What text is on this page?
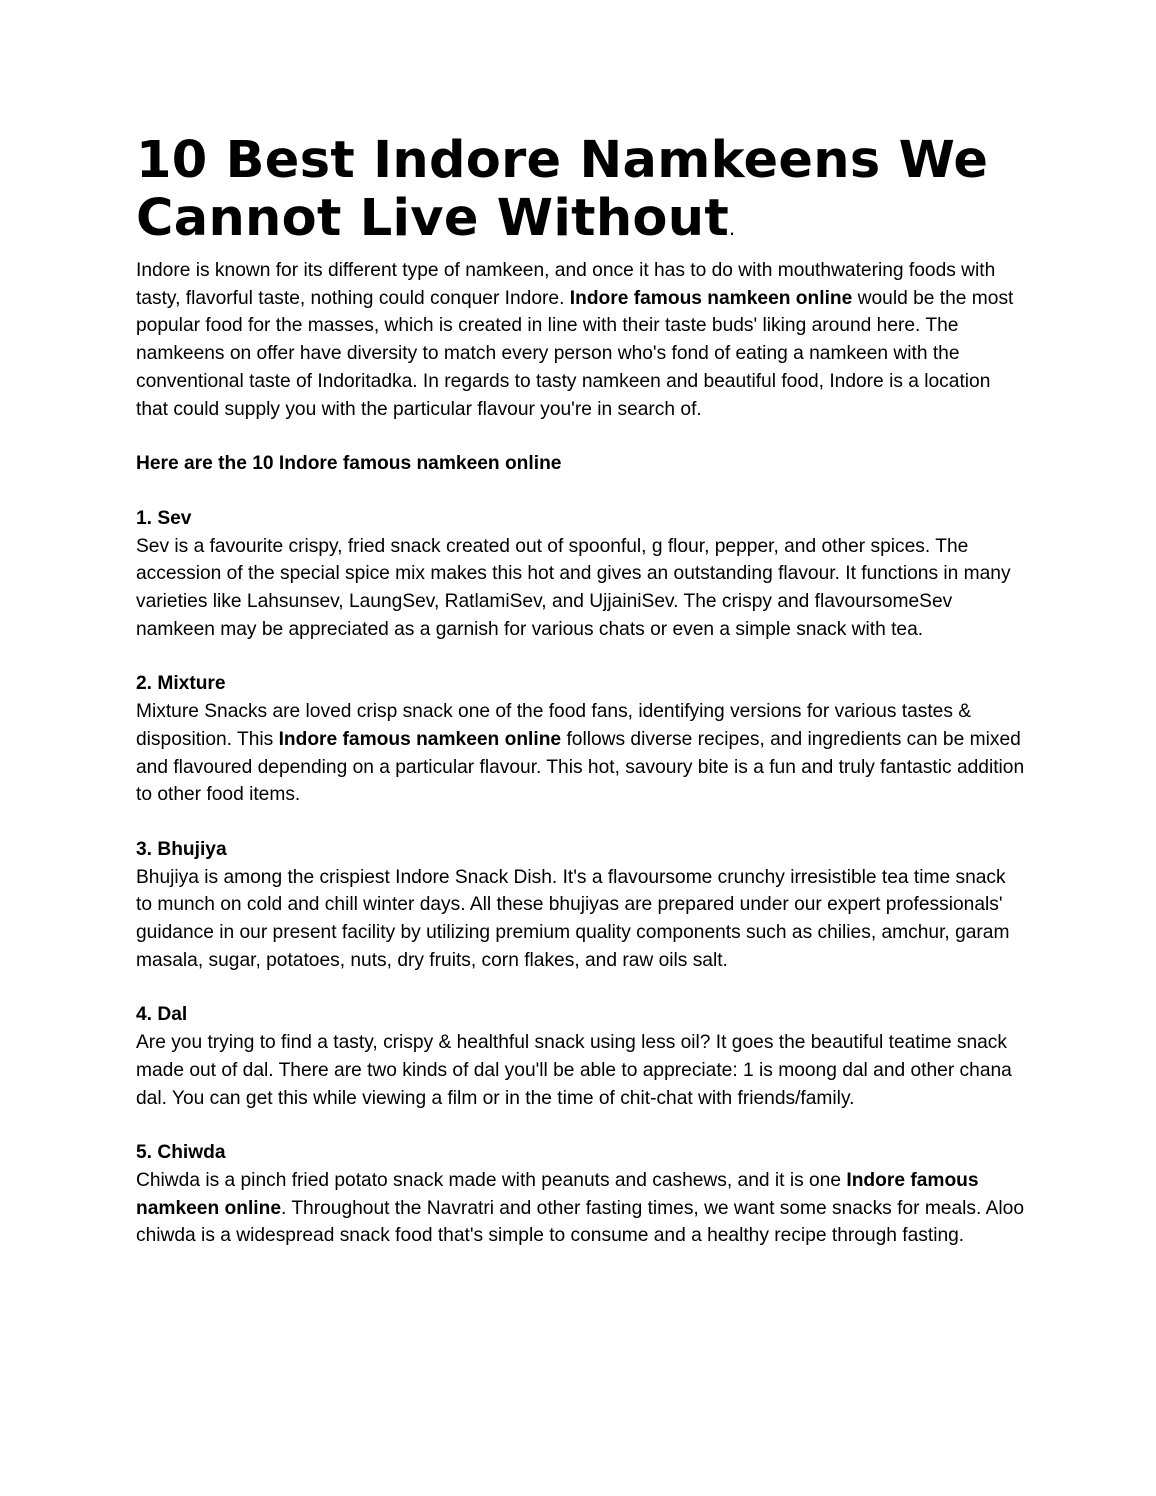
10 Best Indore Namkeens We Cannot Live Without.

Indore is known for its different type of namkeen, and once it has to do with mouthwatering foods with tasty, flavorful taste, nothing could conquer Indore. Indore famous namkeen online would be the most popular food for the masses, which is created in line with their taste buds' liking around here. The namkeens on offer have diversity to match every person who's fond of eating a namkeen with the conventional taste of Indoritadka. In regards to tasty namkeen and beautiful food, Indore is a location that could supply you with the particular flavour you're in search of.

Here are the 10 Indore famous namkeen online

1. Sev

Sev is a favourite crispy, fried snack created out of spoonful, g flour, pepper, and other spices. The accession of the special spice mix makes this hot and gives an outstanding flavour. It functions in many varieties like Lahsunsev, LaungSev, RatlamiSev, and UjjainiSev. The crispy and flavoursomeSev namkeen may be appreciated as a garnish for various chats or even a simple snack with tea.

2. Mixture

Mixture Snacks are loved crisp snack one of the food fans, identifying versions for various tastes & disposition. This Indore famous namkeen online follows diverse recipes, and ingredients can be mixed and flavoured depending on a particular flavour. This hot, savoury bite is a fun and truly fantastic addition to other food items.

3. Bhujiya

Bhujiya is among the crispiest Indore Snack Dish. It's a flavoursome crunchy irresistible tea time snack to munch on cold and chill winter days. All these bhujiyas are prepared under our expert professionals' guidance in our present facility by utilizing premium quality components such as chilies, amchur, garam masala, sugar, potatoes, nuts, dry fruits, corn flakes, and raw oils salt.

4. Dal

Are you trying to find a tasty, crispy & healthful snack using less oil? It goes the beautiful teatime snack made out of dal. There are two kinds of dal you'll be able to appreciate: 1 is moong dal and other chana dal. You can get this while viewing a film or in the time of chit-chat with friends/family.

5. Chiwda

Chiwda is a pinch fried potato snack made with peanuts and cashews, and it is one Indore famous namkeen online. Throughout the Navratri and other fasting times, we want some snacks for meals. Aloo chiwda is a widespread snack food that's simple to consume and a healthy recipe through fasting.
